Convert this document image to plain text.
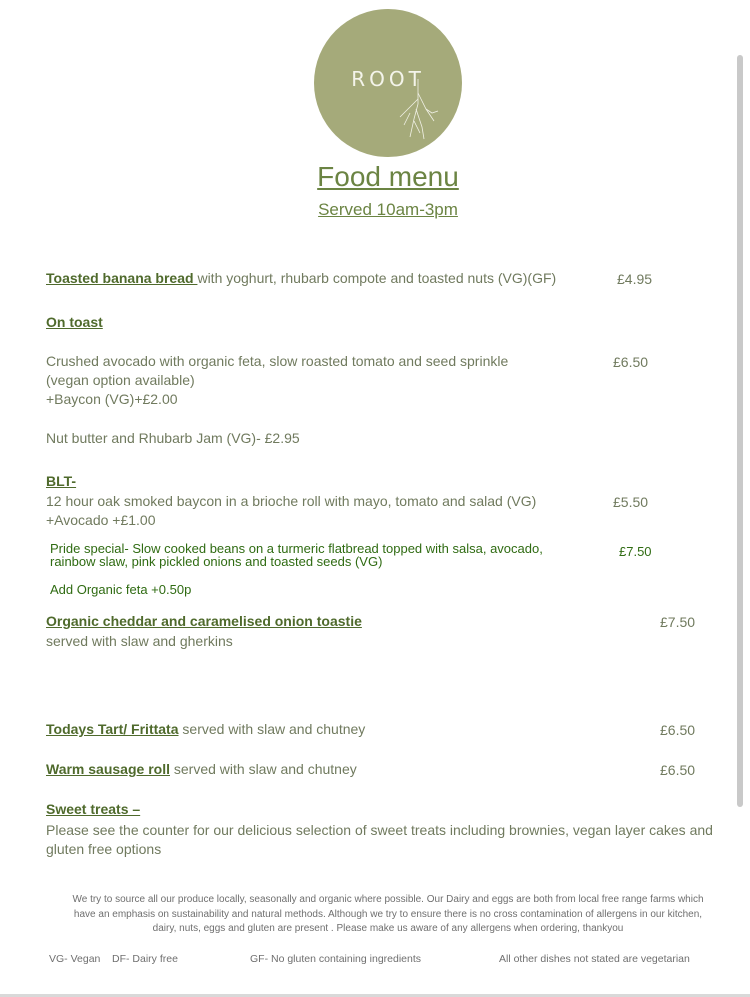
ROOT
Food menu
Served 10am-3pm
Toasted banana bread with yoghurt, rhubarb compote and toasted nuts (VG)(GF)	£4.95
On toast
Crushed avocado with organic feta, slow roasted tomato and seed sprinkle
(vegan option available)
+Baycon (VG)+£2.00
£6.50
Nut butter and Rhubarb Jam (VG)- £2.95
BLT-
12 hour oak smoked baycon in a brioche roll with mayo, tomato and salad (VG)
+Avocado +£1.00
£5.50
Pride special- Slow cooked beans on a turmeric flatbread topped with salsa, avocado,
rainbow slaw, pink pickled onions and toasted seeds (VG)
£7.50
Add Organic feta +0.50p
Organic cheddar and caramelised onion toastie
served with slaw and gherkins
£7.50
Todays Tart/ Frittata served with slaw and chutney	£6.50
Warm sausage roll served with slaw and chutney	£6.50
Sweet treats –
Please see the counter for our delicious selection of sweet treats including brownies, vegan layer cakes and
gluten free options
We try to source all our produce locally, seasonally and organic where possible. Our Dairy and eggs are both from local free range farms which
have an emphasis on sustainability and natural methods. Although we try to ensure there is no cross contamination of allergens in our kitchen,
dairy, nuts, eggs and gluten are present . Please make us aware of any allergens when ordering, thankyou
VG- Vegan DF- Dairy free	GF- No gluten containing ingredients	All other dishes not stated are vegetarian
